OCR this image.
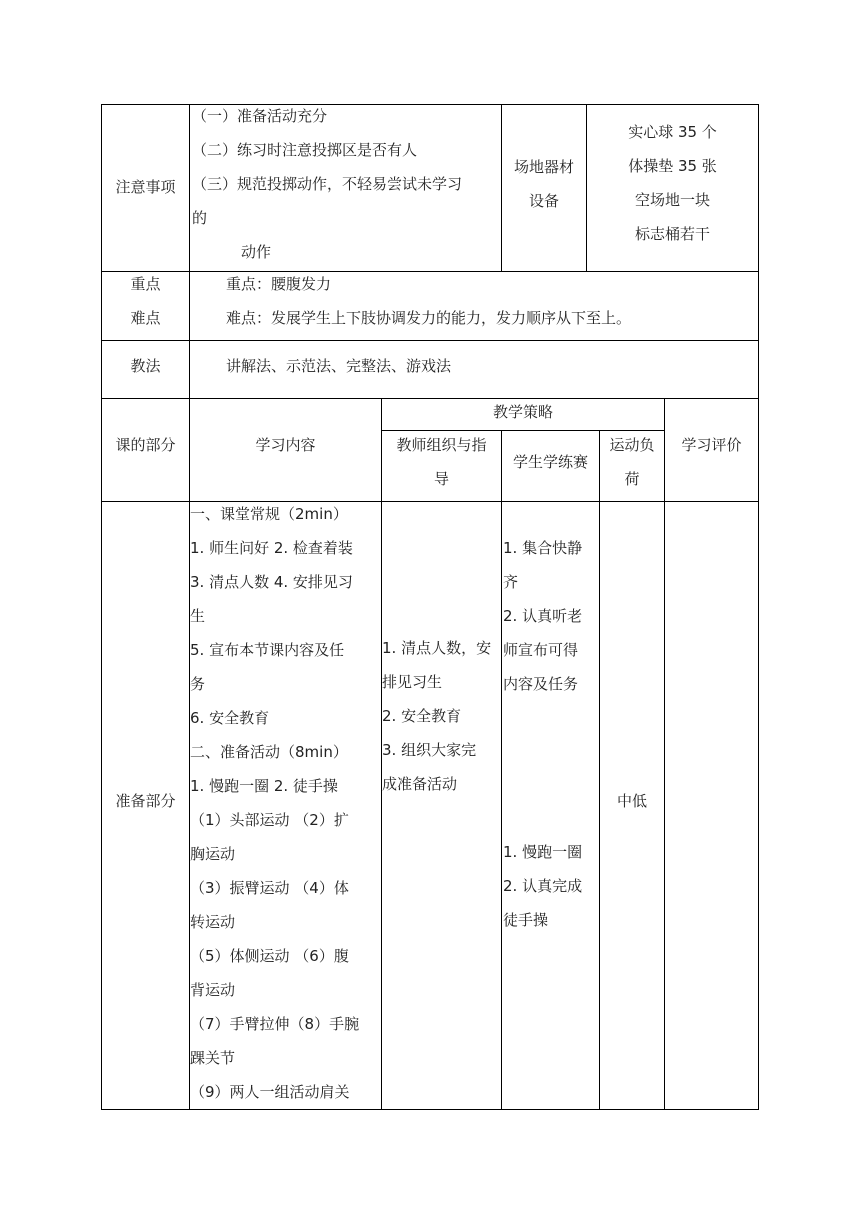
注意事项
（一）准备活动充分
（二）练习时注意投掷区是否有人
（三）规范投掷动作，不轻易尝试未学习
的
动作
场地器材
设备
实心球 35 个
体操垫 35 张
空场地一块
标志桶若干
重点
难点
重点：腰腹发力
难点：发展学生上下肢协调发力的能力，发力顺序从下至上。
教法	讲解法、示范法、完整法、游戏法
课的部分	学习内容
教学策略
教师组织与指
导
学生学练赛
运动负
荷
学习评价
准备部分
一、课堂常规（2min）
1. 师生问好 2. 检查着装
3. 清点人数 4. 安排见习
生
5. 宣布本节课内容及任
务
6. 安全教育
二、准备活动（8min）
1. 慢跑一圈 2. 徒手操
（1）头部运动 （2）扩
胸运动
（3）振臂运动 （4）体
转运动
（5）体侧运动 （6）腹
背运动
（7）手臂拉伸（8）手腕
踝关节
（9）两人一组活动肩关
1. 清点人数，安
排见习生
2. 安全教育
3. 组织大家完
成准备活动
1. 集合快静
齐
2. 认真听老
师宣布可得
内容及任务
1. 慢跑一圈
2. 认真完成
徒手操
中低
